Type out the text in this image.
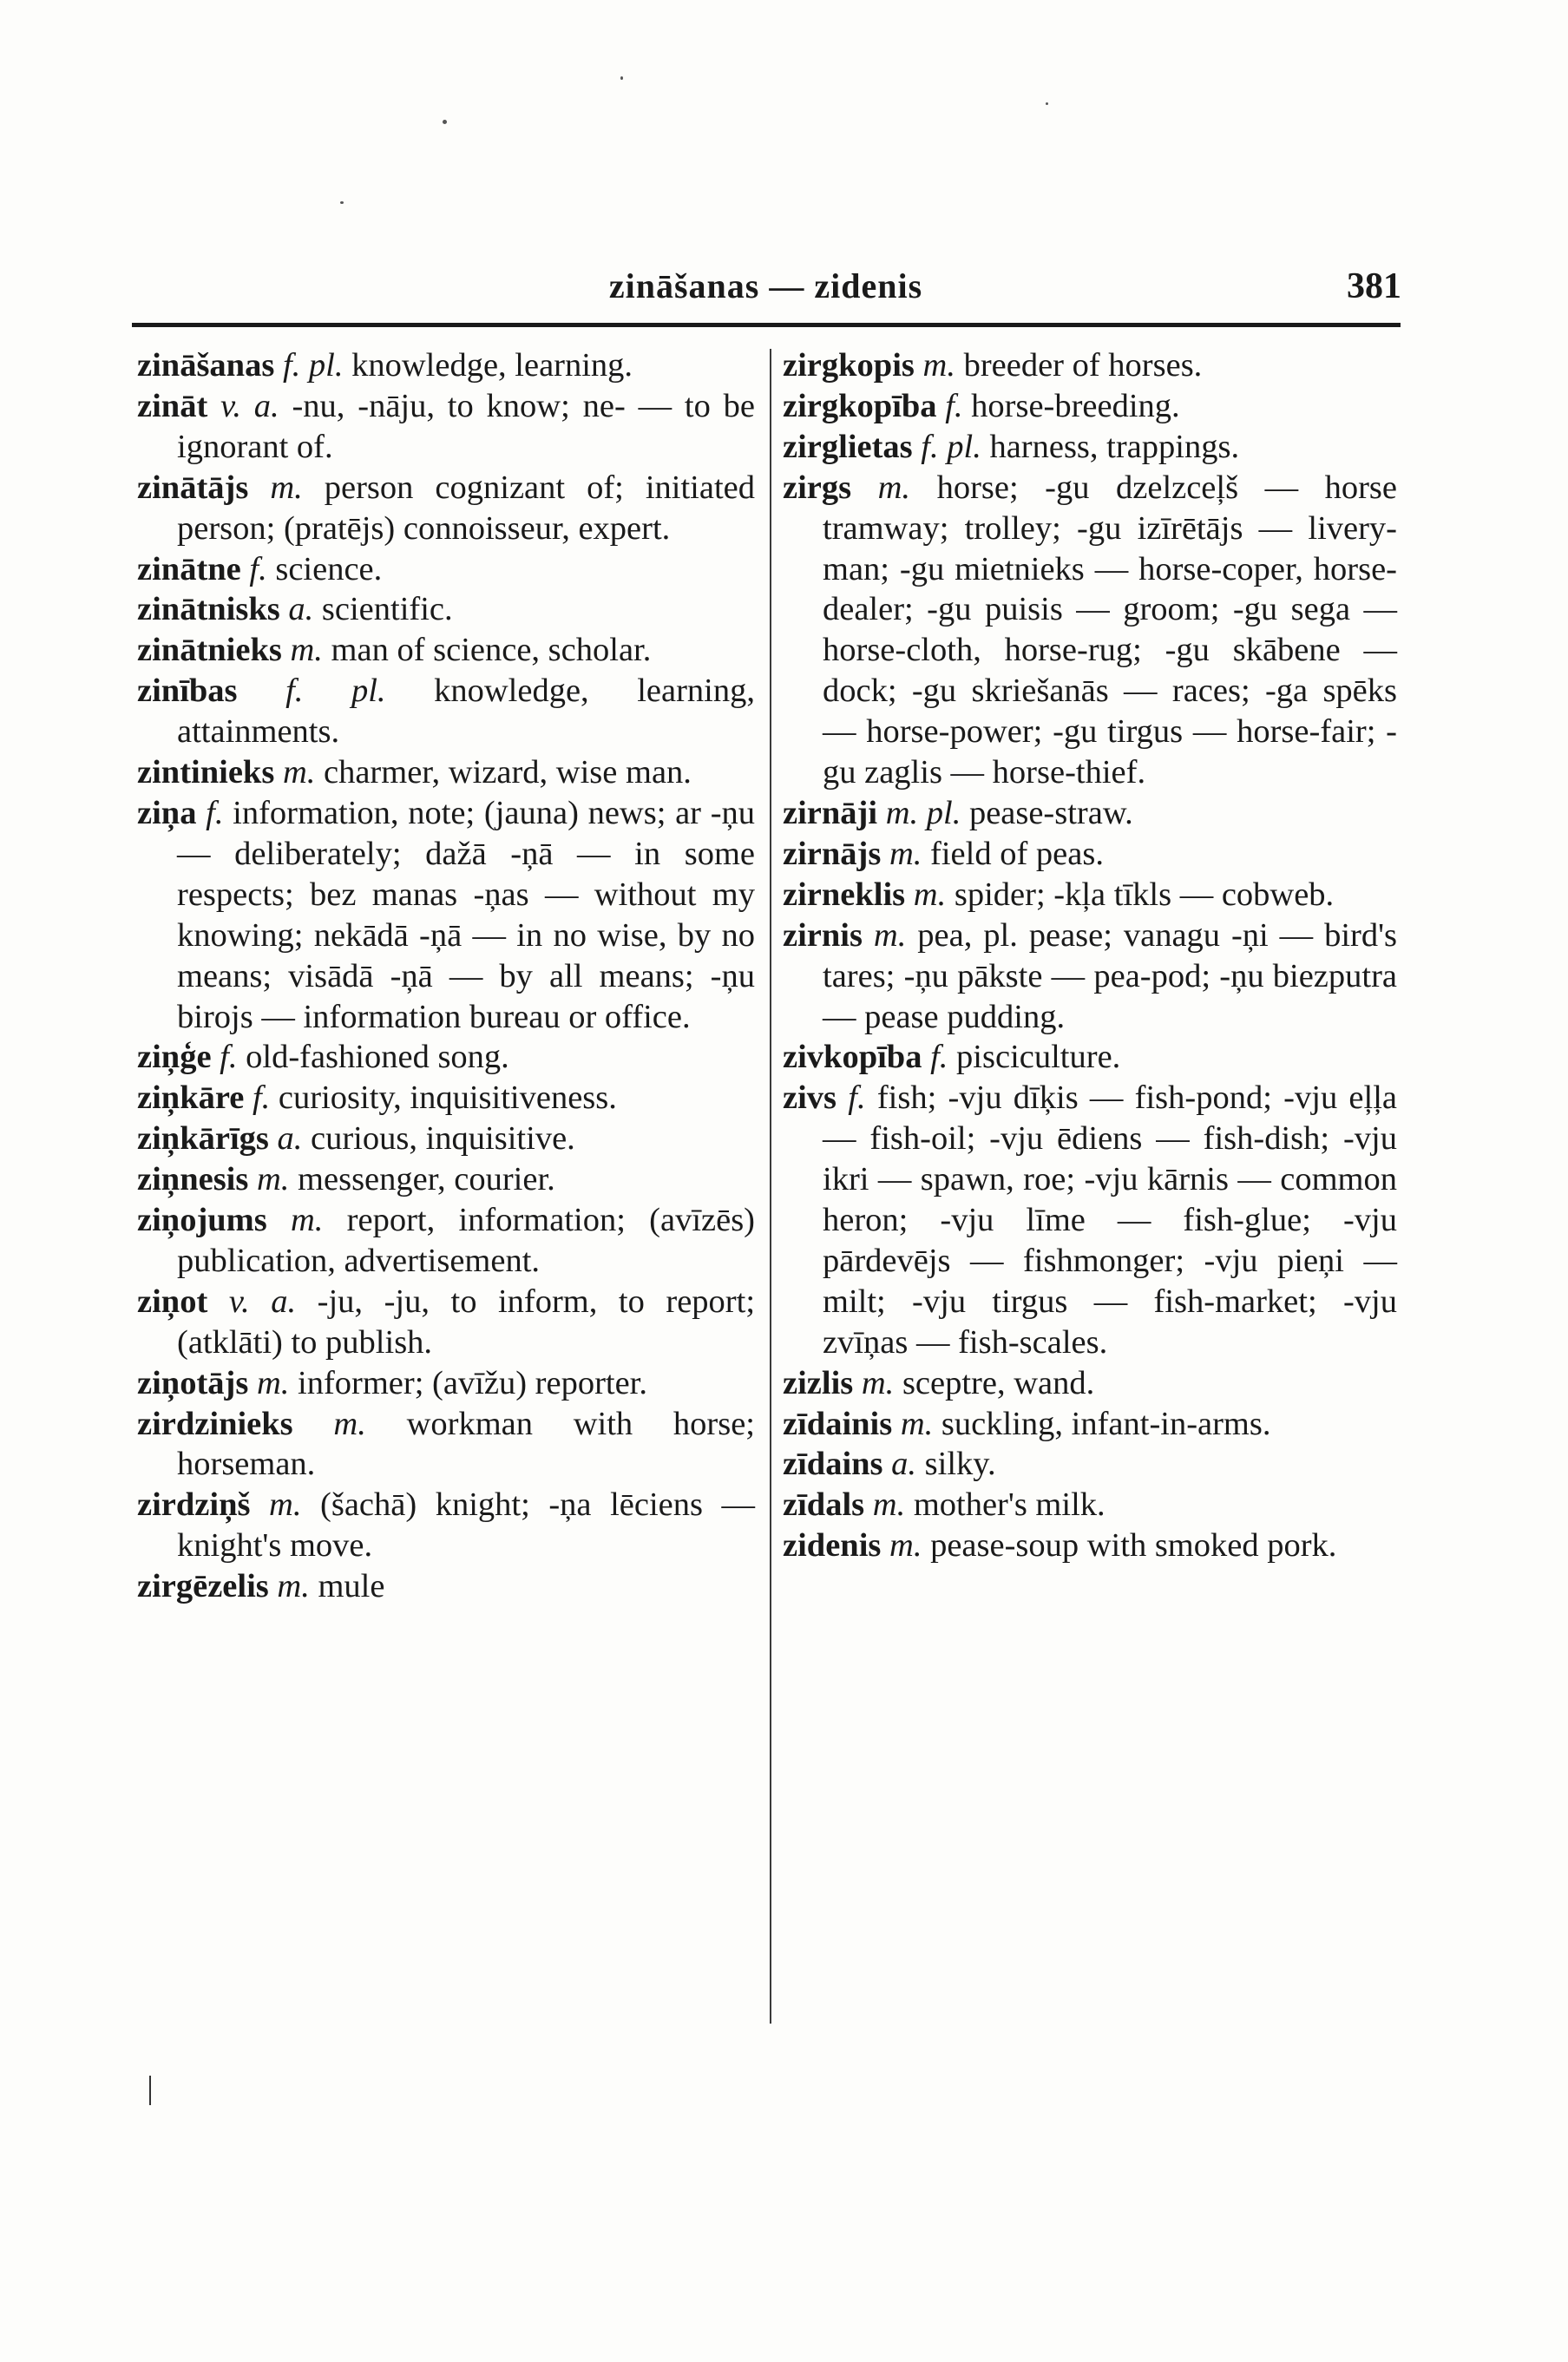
zināšanas — zidenis	381

zināšanas f. pl. knowledge, learning.

zināt v. a. -nu, -nāju, to know; ne- — to be ignorant of.

zinātājs m. person cognizant of; initiated person; (pratējs) connoisseur, expert.

zinātne f. science.

zinātnisks a. scientific.

zinātnieks m. man of science, scholar.

zinības f. pl. knowledge, learning, attainments.

zintinieks m. charmer, wizard, wise man.

ziņa f. information, note; (jauna) news; ar -ņu — deliberately; dažā -ņā — in some respects; bez manas -ņas — without my knowing; nekādā -ņā — in no wise, by no means; visādā -ņā — by all means; -ņu birojs — information bureau or office.

ziņģe f. old-fashioned song.

ziņkāre f. curiosity, inquisitiveness.

ziņkārīgs a. curious, inquisitive.

ziņnesis m. messenger, courier.

ziņojums m. report, information; (avīzēs) publication, advertisement.

ziņot v. a. -ju, -ju, to inform, to report; (atklāti) to publish.

ziņotājs m. informer; (avīžu) reporter.

zirdzinieks m. workman with horse; horseman.

zirdziņš m. (šachā) knight; -ņa lēciens — knight's move.

zirgēzelis m. mule

zirgkopis m. breeder of horses.

zirgkopība f. horse-breeding.

zirglietas f. pl. harness, trappings.

zirgs m. horse; -gu dzelzceļš — horse tramway; trolley; -gu izīrētājs — livery-man; -gu mietnieks — horse-coper, horse-dealer; -gu puisis — groom; -gu sega — horse-cloth, horse-rug; -gu skābene — dock; -gu skriešanās — races; -ga spēks — horse-power; -gu tirgus — horse-fair; -gu zaglis — horse-thief.

zirnāji m. pl. pease-straw.

zirnājs m. field of peas.

zirneklis m. spider; -kļa tīkls — cobweb.

zirnis m. pea, pl. pease; vanagu -ņi — bird's tares; -ņu pākste — pea-pod; -ņu biezputra — pease pudding.

zivkopība f. pisciculture.

zivs f. fish; -vju dīķis — fish-pond; -vju eļļa — fish-oil; -vju ēdiens — fish-dish; -vju ikri — spawn, roe; -vju kārnis — common heron; -vju līme — fish-glue; -vju pārdevējs — fishmonger; -vju pieņi — milt; -vju tirgus — fish-market; -vju zvīņas — fish-scales.

zizlis m. sceptre, wand.

zīdainis m. suckling, infant-in-arms.

zīdains a. silky.

zīdals m. mother's milk.

zidenis m. pease-soup with smoked pork.
